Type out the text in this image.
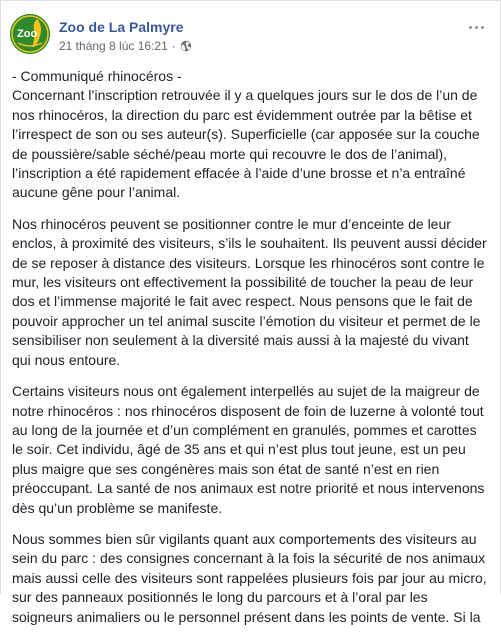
Zoo Zoo de La Palmyre
21 tháng 8 lúc 16:21 ·

- Communiqué rhinocéros -
Concernant l’inscription retrouvée il y a quelques jours sur le dos de l’un de
nos rhinocéros, la direction du parc est évidemment outrée par la bêtise et
l’irrespect de son ou ses auteur(s). Superficielle (car apposée sur la couche
de poussière/sable séché/peau morte qui recouvre le dos de l’animal),
l’inscription a été rapidement effacée à l’aide d’une brosse et n’a entraîné
aucune gêne pour l’animal.

Nos rhinocéros peuvent se positionner contre le mur d’enceinte de leur
enclos, à proximité des visiteurs, s’ils le souhaitent. Ils peuvent aussi décider
de se reposer à distance des visiteurs. Lorsque les rhinocéros sont contre le
mur, les visiteurs ont effectivement la possibilité de toucher la peau de leur
dos et l’immense majorité le fait avec respect. Nous pensons que le fait de
pouvoir approcher un tel animal suscite l’émotion du visiteur et permet de le
sensibiliser non seulement à la diversité mais aussi à la majesté du vivant
qui nous entoure.

Certains visiteurs nous ont également interpellés au sujet de la maigreur de
notre rhinocéros : nos rhinocéros disposent de foin de luzerne à volonté tout
au long de la journée et d’un complément en granulés, pommes et carottes
le soir. Cet individu, âgé de 35 ans et qui n’est plus tout jeune, est un peu
plus maigre que ses congénères mais son état de santé n’est en rien
préoccupant. La santé de nos animaux est notre priorité et nous intervenons
dès qu’un problème se manifeste.

Nous sommes bien sûr vigilants quant aux comportements des visiteurs au
sein du parc : des consignes concernant à la fois la sécurité de nos animaux
mais aussi celle des visiteurs sont rappelées plusieurs fois par jour au micro,
sur des panneaux positionnés le long du parcours et à l’oral par les
soigneurs animaliers ou le personnel présent dans les points de vente. Si la
